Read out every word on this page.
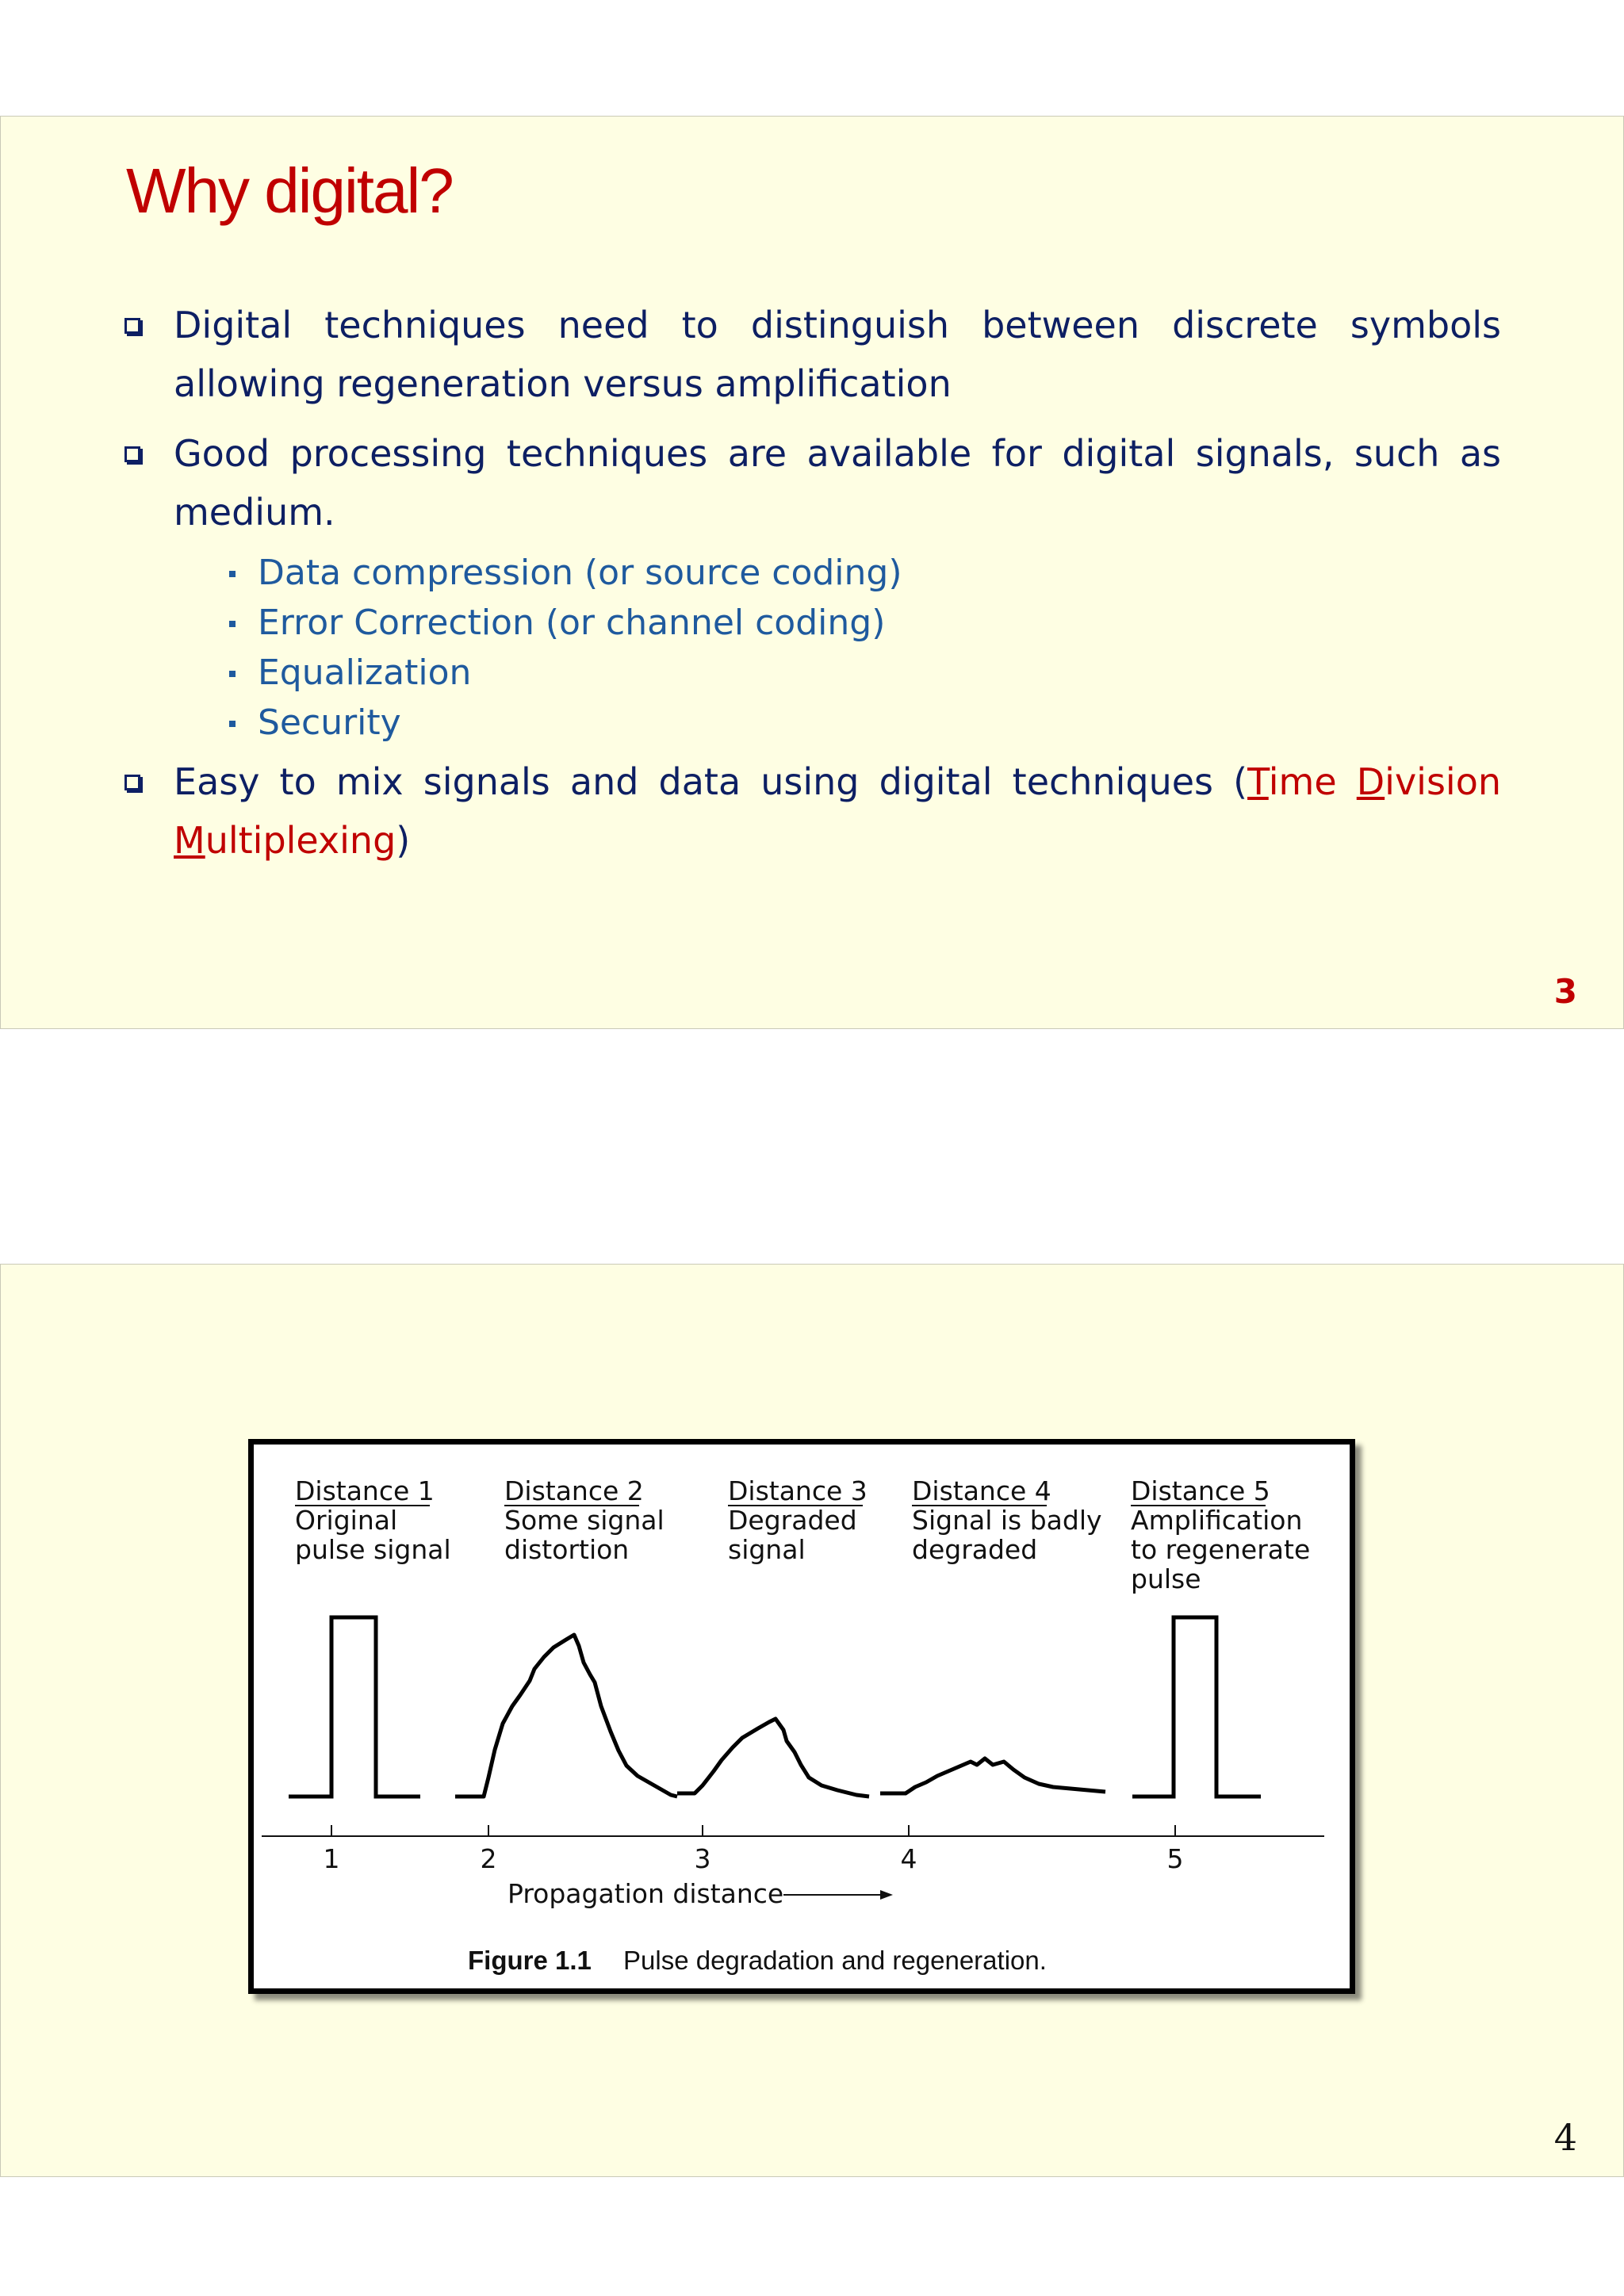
Why digital?
Digital techniques need to distinguish between discrete symbols allowing regeneration versus amplification
Good processing techniques are available for digital signals, such as medium.
Data compression (or source coding)
Error Correction (or channel coding)
Equalization
Security
Easy to mix signals and data using digital techniques (Time Division Multiplexing)
3
Distance 1
Original
pulse signal
Distance 2
Some signal
distortion
Distance 3
Degraded
signal
Distance 4
Signal is badly
degraded
Distance 5
Amplification
to regenerate
pulse
1	2	3	4	5
Propagation distance
Figure 1.1 Pulse degradation and regeneration.
4
